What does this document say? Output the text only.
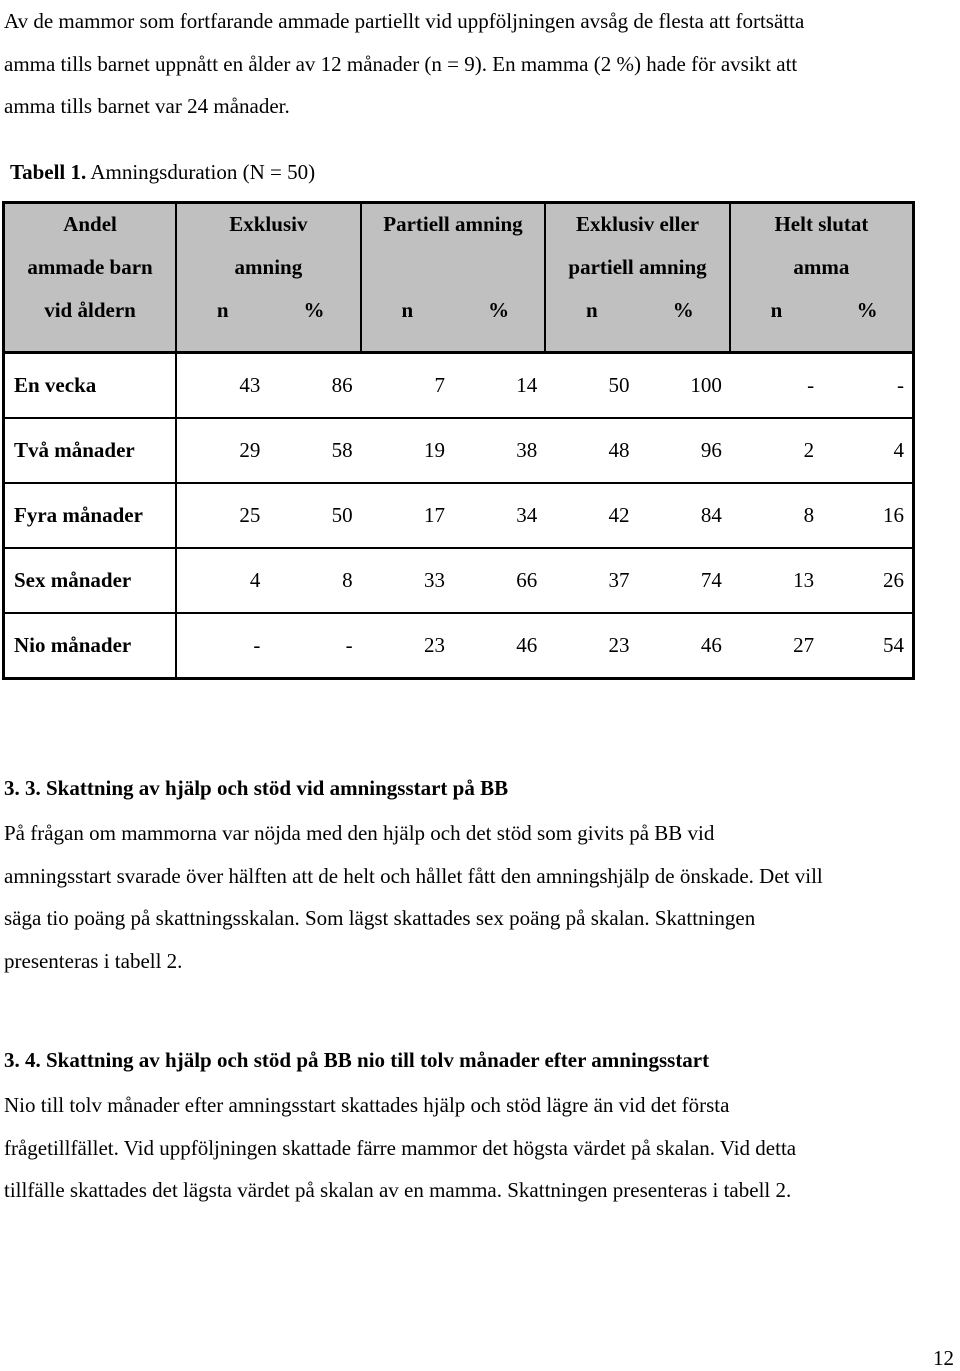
Av de mammor som fortfarande ammade partiellt vid uppföljningen avsåg de flesta att fortsätta
amma tills barnet uppnått en ålder av 12 månader (n = 9). En mamma (2 %) hade för avsikt att
amma tills barnet var 24 månader.
Tabell 1. Amningsduration (N = 50)
Andel	Exklusiv		Partiell amning		Exklusiv eller		Helt slutat	
ammade barn	amning				partiell amning		amma	
vid åldern	n	%	n	%	n	%	n	%

En vecka	43	86	7	14	50	100	-	-
Två månader	29	58	19	38	48	96	2	4
Fyra månader	25	50	17	34	42	84	8	16
Sex månader	4	8	33	66	37	74	13	26
Nio månader	-	-	23	46	23	46	27	54
3. 3. Skattning av hjälp och stöd vid amningsstart på BB
På frågan om mammorna var nöjda med den hjälp och det stöd som givits på BB vid
amningsstart svarade över hälften att de helt och hållet fått den amningshjälp de önskade. Det vill
säga tio poäng på skattningsskalan. Som lägst skattades sex poäng på skalan. Skattningen
presenteras i tabell 2.
3. 4. Skattning av hjälp och stöd på BB nio till tolv månader efter amningsstart
Nio till tolv månader efter amningsstart skattades hjälp och stöd lägre än vid det första
frågetillfället. Vid uppföljningen skattade färre mammor det högsta värdet på skalan. Vid detta
tillfälle skattades det lägsta värdet på skalan av en mamma. Skattningen presenteras i tabell 2.
12
